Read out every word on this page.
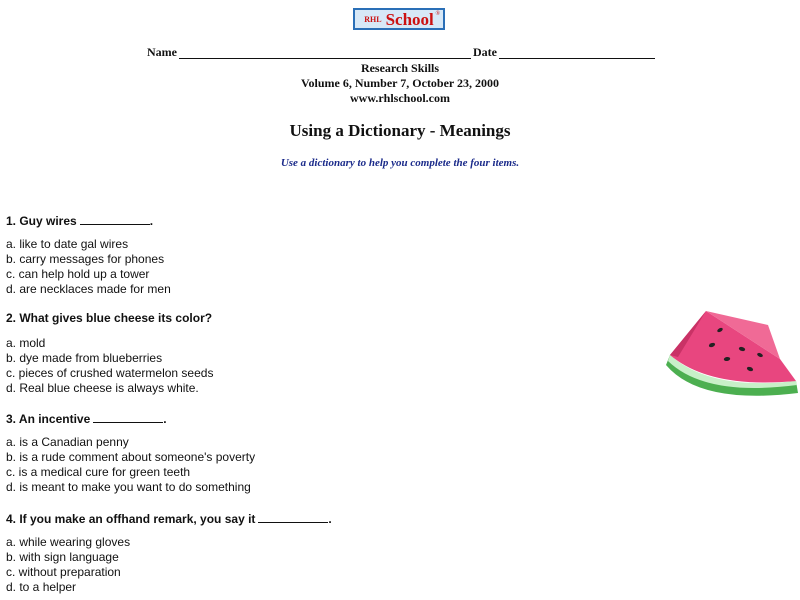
RHL School ®
Name	Date
Research Skills
Volume 6, Number 7, October 23, 2000
www.rhlschool.com
Using a Dictionary - Meanings
Use a dictionary to help you complete the four items.
1. Guy wires	.
a. like to date gal wires
b. carry messages for phones
c. can help hold up a tower
d. are necklaces made for men
2. What gives blue cheese its color?
a. mold
b. dye made from blueberries
c. pieces of crushed watermelon seeds
d. Real blue cheese is always white.
3. An incentive	.
a. is a Canadian penny
b. is a rude comment about someone's poverty
c. is a medical cure for green teeth
d. is meant to make you want to do something
4. If you make an offhand remark, you say it	.
a. while wearing gloves
b. with sign language
c. without preparation
d. to a helper
